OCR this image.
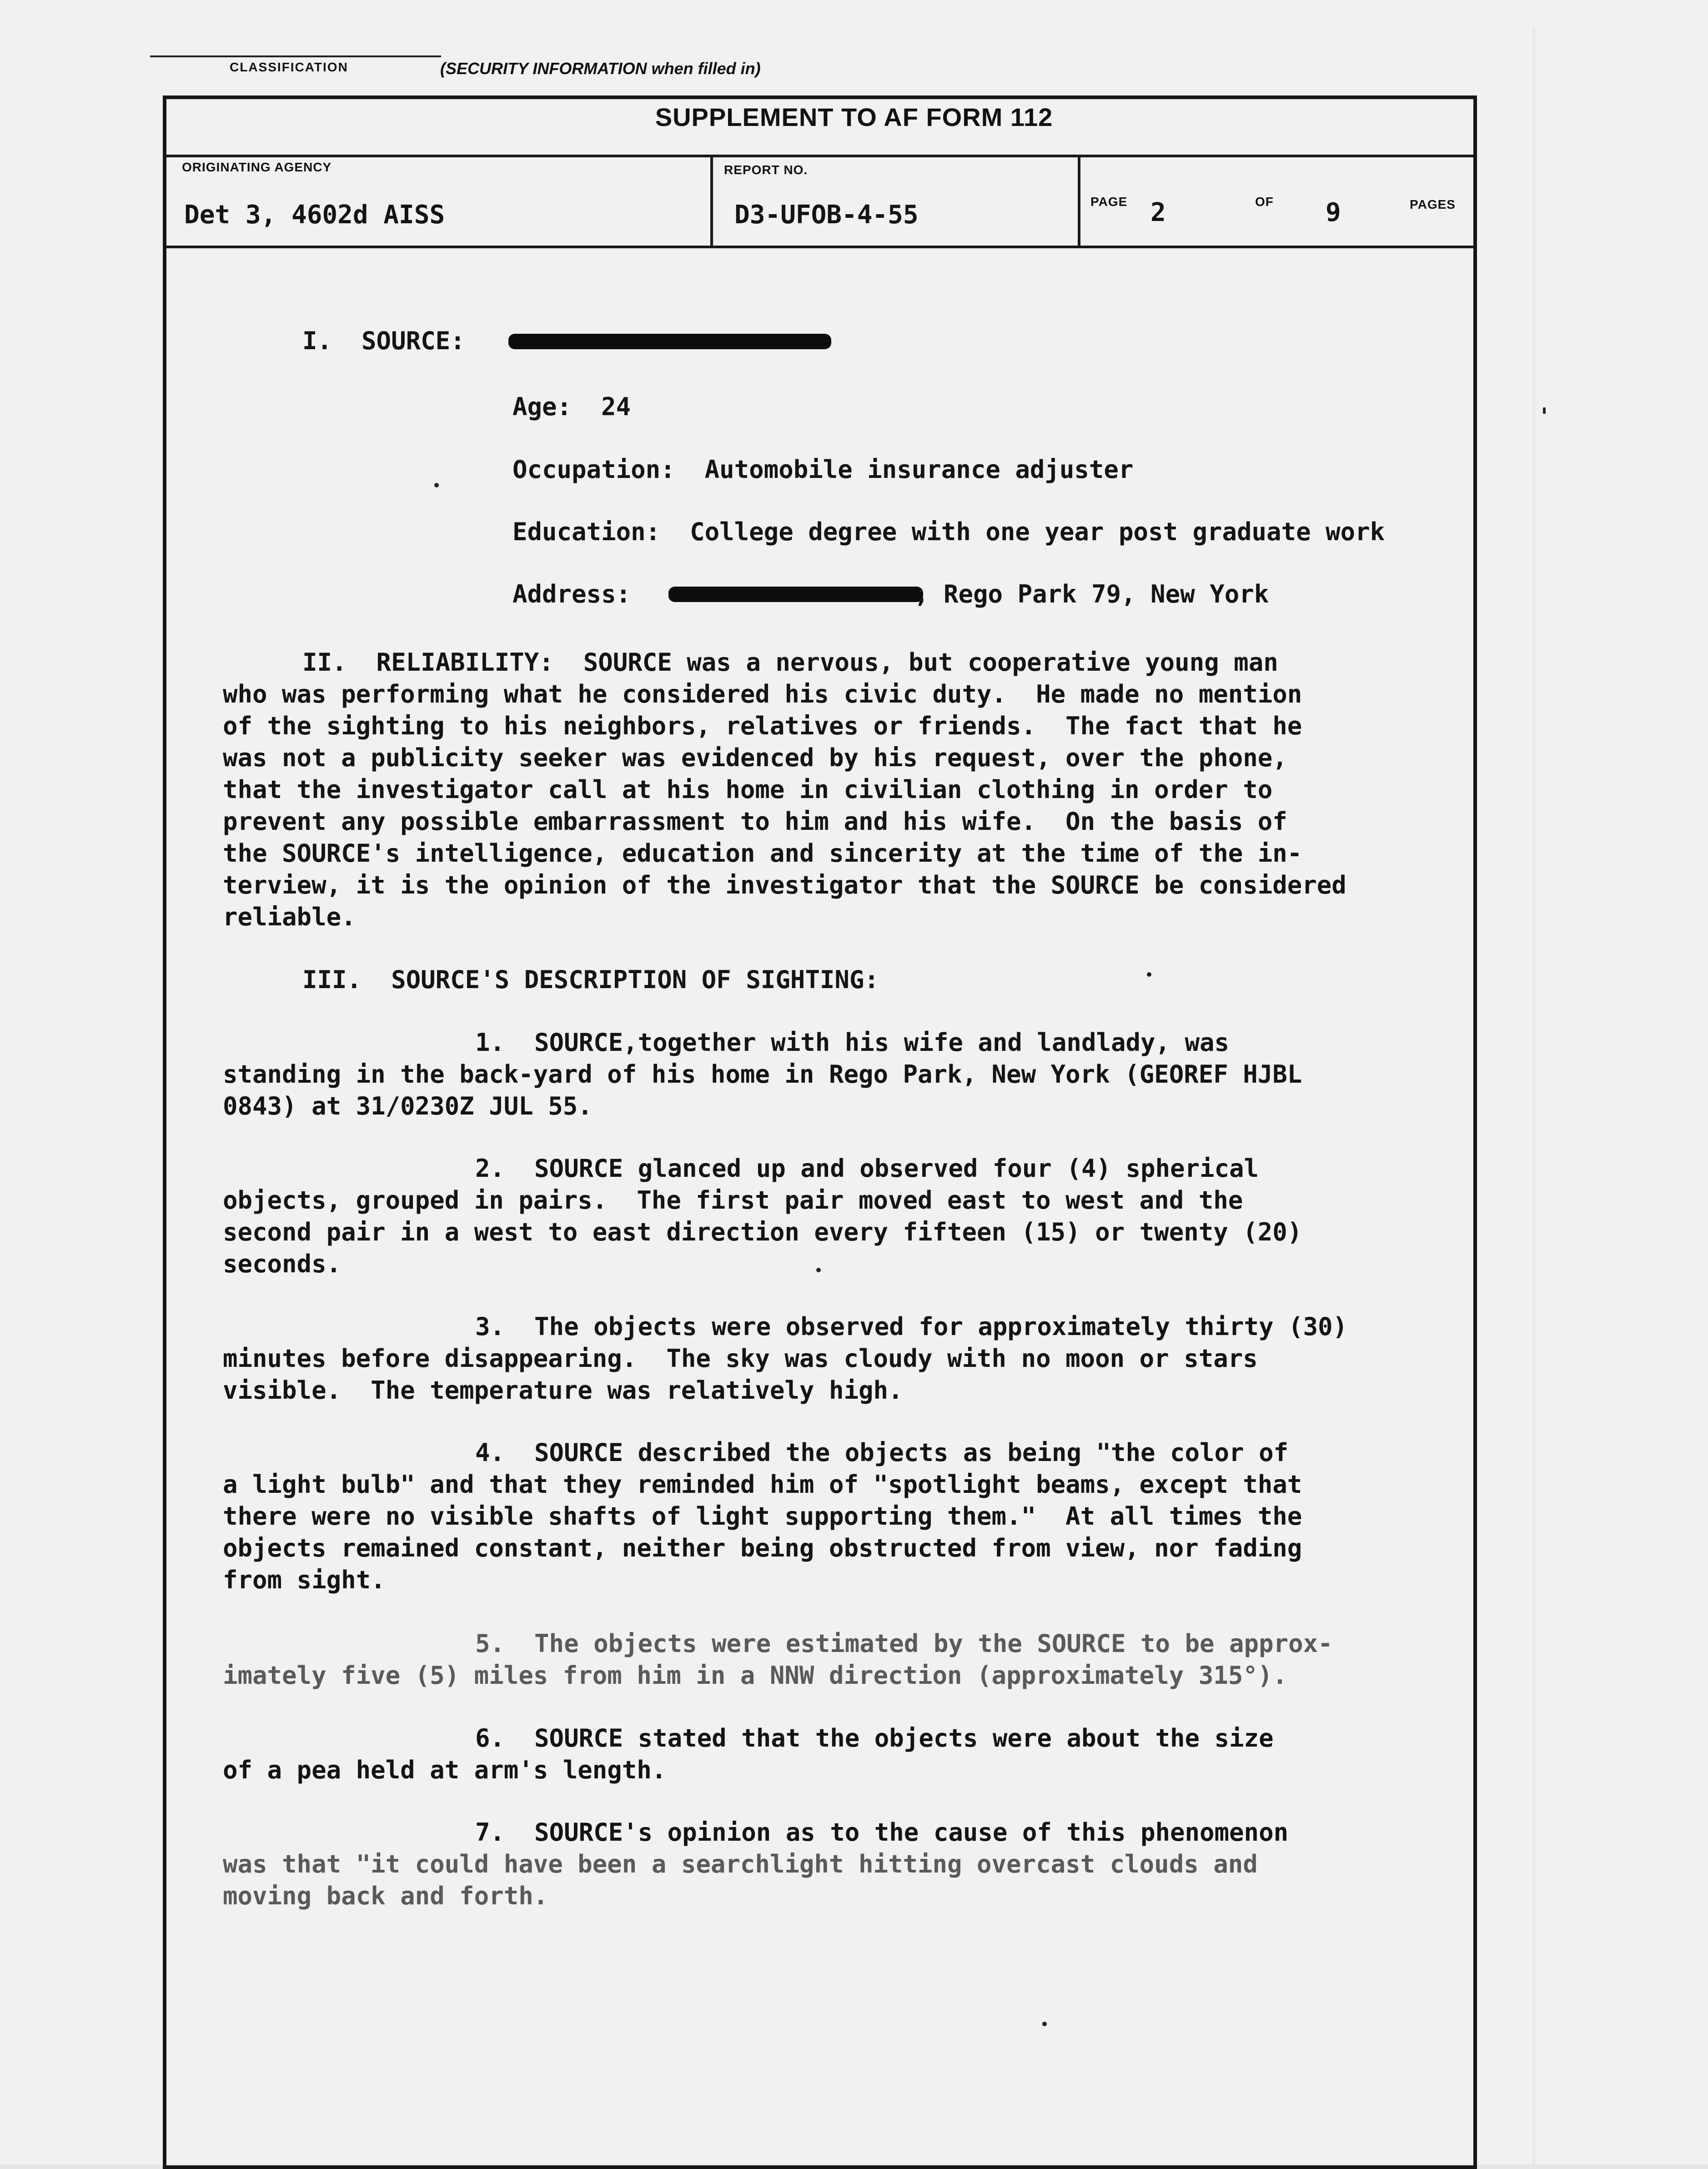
CLASSIFICATION	(SECURITY INFORMATION when filled in)
SUPPLEMENT TO AF FORM 112
ORIGINATING AGENCY
Det 3, 4602d AISS
REPORT NO.
D3-UFOB-4-55	PAGE 2	OF 9	PAGES
I.  SOURCE:
Age:  24
Occupation:  Automobile insurance adjuster
Education:  College degree with one year post graduate work
Address:	, Rego Park 79, New York
II.  RELIABILITY:  SOURCE was a nervous, but cooperative young man
who was performing what he considered his civic duty.  He made no mention
of the sighting to his neighbors, relatives or friends.  The fact that he
was not a publicity seeker was evidenced by his request, over the phone,
that the investigator call at his home in civilian clothing in order to
prevent any possible embarrassment to him and his wife.  On the basis of
the SOURCE's intelligence, education and sincerity at the time of the in-
terview, it is the opinion of the investigator that the SOURCE be considered
reliable.
III.  SOURCE'S DESCRIPTION OF SIGHTING:
1.  SOURCE,together with his wife and landlady, was
standing in the back-yard of his home in Rego Park, New York (GEOREF HJBL
0843) at 31/0230Z JUL 55.
2.  SOURCE glanced up and observed four (4) spherical
objects, grouped in pairs.  The first pair moved east to west and the
second pair in a west to east direction every fifteen (15) or twenty (20)
seconds.
3.  The objects were observed for approximately thirty (30)
minutes before disappearing.  The sky was cloudy with no moon or stars
visible.  The temperature was relatively high.
4.  SOURCE described the objects as being "the color of
a light bulb" and that they reminded him of "spotlight beams, except that
there were no visible shafts of light supporting them."  At all times the
objects remained constant, neither being obstructed from view, nor fading
from sight.
5.  The objects were estimated by the SOURCE to be approx-
imately five (5) miles from him in a NNW direction (approximately 315°).
6.  SOURCE stated that the objects were about the size
of a pea held at arm's length.
7.  SOURCE's opinion as to the cause of this phenomenon
was that "it could have been a searchlight hitting overcast clouds and
moving back and forth.
